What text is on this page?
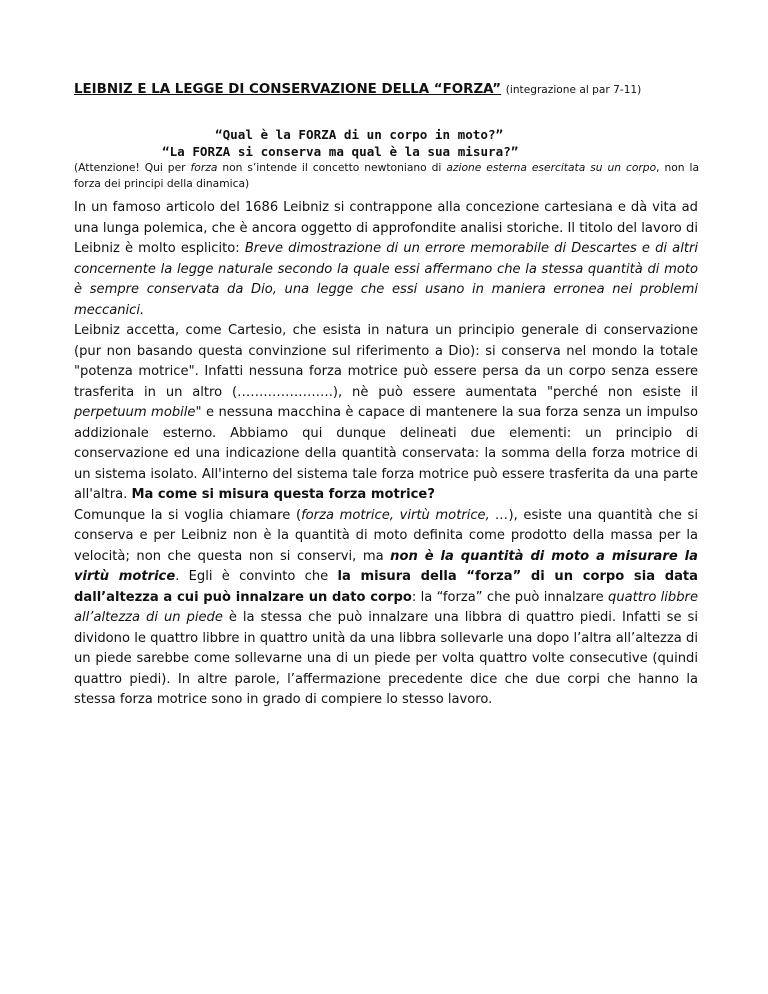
LEIBNIZ E LA LEGGE DI CONSERVAZIONE DELLA “FORZA” (integrazione al par 7-11)
“Qual è la FORZA di un corpo in moto?”
“La FORZA si conserva ma qual è la sua misura?”
(Attenzione! Qui per forza non s’intende il concetto newtoniano di azione esterna esercitata su un corpo, non la forza dei principi della dinamica)

In un famoso articolo del 1686 Leibniz si contrappone alla concezione cartesiana e dà vita ad una lunga polemica, che è ancora oggetto di approfondite analisi storiche. Il titolo del lavoro di Leibniz è molto esplicito: Breve dimostrazione di un errore memorabile di Descartes e di altri concernente la legge naturale secondo la quale essi affermano che la stessa quantità di moto è sempre conservata da Dio, una legge che essi usano in maniera erronea nei problemi meccanici.

Leibniz accetta, come Cartesio, che esista in natura un principio generale di conservazione (pur non basando questa convinzione sul riferimento a Dio): si conserva nel mondo la totale "potenza motrice". Infatti nessuna forza motrice può essere persa da un corpo senza essere trasferita in un altro (………………….), nè può essere aumentata "perché non esiste il perpetuum mobile" e nessuna macchina è capace di mantenere la sua forza senza un impulso addizionale esterno. Abbiamo qui dunque delineati due elementi: un principio di conservazione ed una indicazione della quantità conservata: la somma della forza motrice di un sistema isolato. All'interno del sistema tale forza motrice può essere trasferita da una parte all'altra. Ma come si misura questa forza motrice?

Comunque la si voglia chiamare (forza motrice, virtù motrice, …), esiste una quantità che si conserva e per Leibniz non è la quantità di moto definita come prodotto della massa per la velocità; non che questa non si conservi, ma non è la quantità di moto a misurare la virtù motrice. Egli è convinto che la misura della “forza” di un corpo sia data dall’altezza a cui può innalzare un dato corpo: la “forza” che può innalzare quattro libbre all’altezza di un piede è la stessa che può innalzare una libbra di quattro piedi. Infatti se si dividono le quattro libbre in quattro unità da una libbra sollevarle una dopo l’altra all’altezza di un piede sarebbe come sollevarne una di un piede per volta quattro volte consecutive (quindi quattro piedi). In altre parole, l’affermazione precedente dice che due corpi che hanno la stessa forza motrice sono in grado di compiere lo stesso lavoro.
